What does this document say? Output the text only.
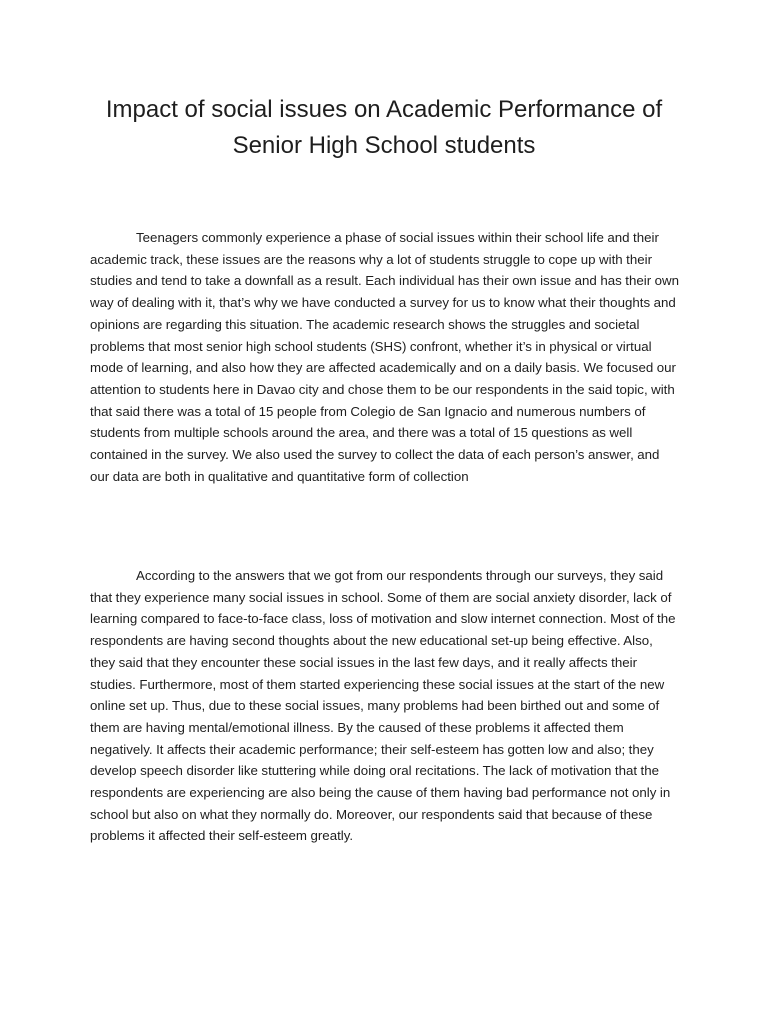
Impact of social issues on Academic Performance of
Senior High School students

Teenagers commonly experience a phase of social issues within their school life and their academic track, these issues are the reasons why a lot of students struggle to cope up with their studies and tend to take a downfall as a result. Each individual has their own issue and has their own way of dealing with it, that’s why we have conducted a survey for us to know what their thoughts and opinions are regarding this situation. The academic research shows the struggles and societal problems that most senior high school students (SHS) confront, whether it’s in physical or virtual mode of learning, and also how they are affected academically and on a daily basis. We focused our attention to students here in Davao city and chose them to be our respondents in the said topic, with that said there was a total of 15 people from Colegio de San Ignacio and numerous numbers of students from multiple schools around the area, and there was a total of 15 questions as well contained in the survey. We also used the survey to collect the data of each person’s answer, and our data are both in qualitative and quantitative form of collection

According to the answers that we got from our respondents through our surveys, they said that they experience many social issues in school. Some of them are social anxiety disorder, lack of learning compared to face-to-face class, loss of motivation and slow internet connection. Most of the respondents are having second thoughts about the new educational set-up being effective. Also, they said that they encounter these social issues in the last few days, and it really affects their studies. Furthermore, most of them started experiencing these social issues at the start of the new online set up. Thus, due to these social issues, many problems had been birthed out and some of them are having mental/emotional illness. By the caused of these problems it affected them negatively. It affects their academic performance; their self-esteem has gotten low and also; they develop speech disorder like stuttering while doing oral recitations. The lack of motivation that the respondents are experiencing are also being the cause of them having bad performance not only in school but also on what they normally do. Moreover, our respondents said that because of these problems it affected their self-esteem greatly.
